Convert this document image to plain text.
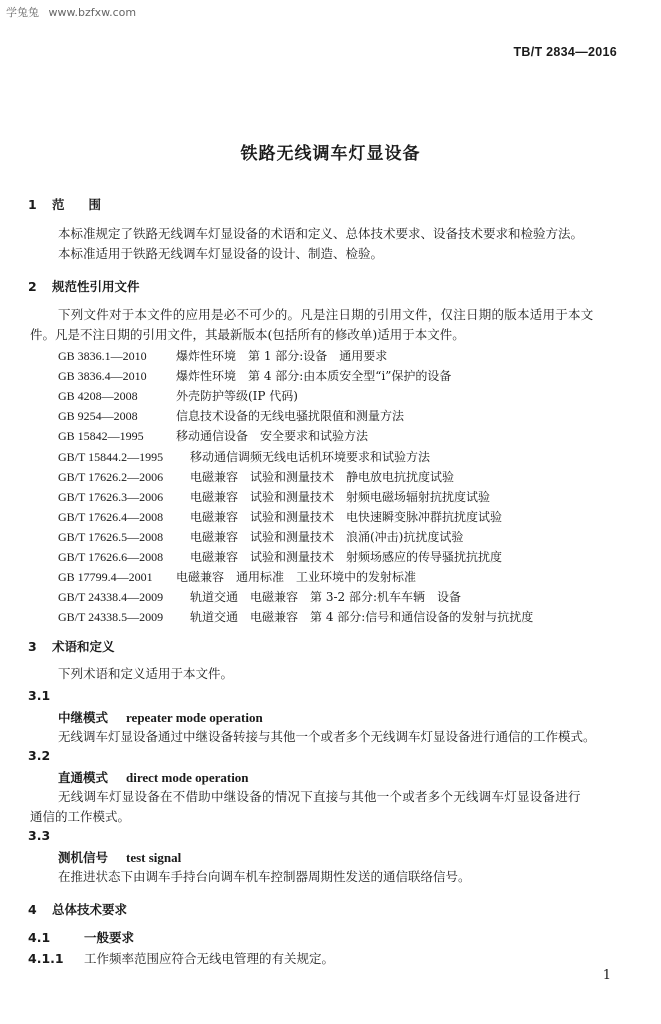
学兔兔 www.bzfxw.com
TB/T 2834—2016
铁路无线调车灯显设备
1 范围
本标准规定了铁路无线调车灯显设备的术语和定义、总体技术要求、设备技术要求和检验方法。
本标准适用于铁路无线调车灯显设备的设计、制造、检验。
2 规范性引用文件
下列文件对于本文件的应用是必不可少的。凡是注日期的引用文件，仅注日期的版本适用于本文
件。凡是不注日期的引用文件，其最新版本(包括所有的修改单)适用于本文件。
GB 3836.1—2010	爆炸性环境　第 1 部分:设备　通用要求
GB 3836.4—2010	爆炸性环境　第 4 部分:由本质安全型“i”保护的设备
GB 4208—2008	外壳防护等级(IP 代码)
GB 9254—2008	信息技术设备的无线电骚扰限值和测量方法
GB 15842—1995	移动通信设备　安全要求和试验方法
GB/T 15844.2—1995	移动通信调频无线电话机环境要求和试验方法
GB/T 17626.2—2006	电磁兼容　试验和测量技术　静电放电抗扰度试验
GB/T 17626.3—2006	电磁兼容　试验和测量技术　射频电磁场辐射抗扰度试验
GB/T 17626.4—2008	电磁兼容　试验和测量技术　电快速瞬变脉冲群抗扰度试验
GB/T 17626.5—2008	电磁兼容　试验和测量技术　浪涌(冲击)抗扰度试验
GB/T 17626.6—2008	电磁兼容　试验和测量技术　射频场感应的传导骚扰抗扰度
GB 17799.4—2001	电磁兼容　通用标准　工业环境中的发射标准
GB/T 24338.4—2009	轨道交通　电磁兼容　第 3-2 部分:机车车辆　设备
GB/T 24338.5—2009	轨道交通　电磁兼容　第 4 部分:信号和通信设备的发射与抗扰度
3 术语和定义
下列术语和定义适用于本文件。
3.1
中继模式 repeater mode operation
无线调车灯显设备通过中继设备转接与其他一个或者多个无线调车灯显设备进行通信的工作模式。
3.2
直通模式 direct mode operation
无线调车灯显设备在不借助中继设备的情况下直接与其他一个或者多个无线调车灯显设备进行
通信的工作模式。
3.3
测机信号 test signal
在推进状态下由调车手持台向调车机车控制器周期性发送的通信联络信号。
4 总体技术要求
4.1	一般要求
4.1.1 工作频率范围应符合无线电管理的有关规定。
1
